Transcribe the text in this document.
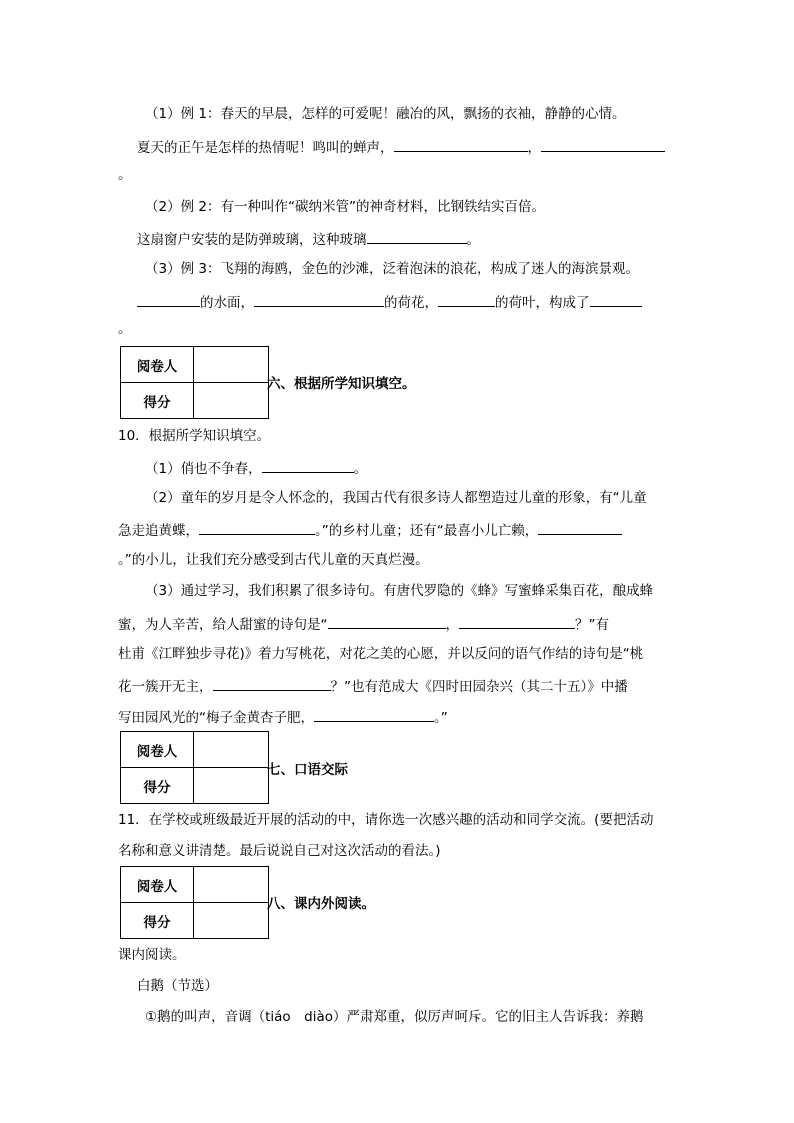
（1）例 1：春天的早晨，怎样的可爱呢！融冶的风，飘扬的衣袖，静静的心情。
夏天的正午是怎样的热情呢！鸣叫的蝉声，	，
。
（2）例 2：有一种叫作“碳纳米管”的神奇材料，比钢铁结实百倍。
这扇窗户安装的是防弹玻璃，这种玻璃	。
（3）例 3：飞翔的海鸥，金色的沙滩，泛着泡沫的浪花，构成了迷人的海滨景观。
的水面，	的荷花，	的荷叶，构成了
。
阅卷人	
得分	
六、根据所学知识填空。
10．根据所学知识填空。
（1）俏也不争春，	。
（2）童年的岁月是令人怀念的，我国古代有很多诗人都塑造过儿童的形象，有“儿童
急走追黄蝶，	。”的乡村儿童；还有“最喜小儿亡赖，
。”的小儿，让我们充分感受到古代儿童的天真烂漫。
（3）通过学习，我们积累了很多诗句。有唐代罗隐的《蜂》写蜜蜂采集百花，酿成蜂
蜜，为人辛苦，给人甜蜜的诗句是“	，	？”有
杜甫《江畔独步寻花)》着力写桃花，对花之美的心愿，并以反问的语气作结的诗句是“桃
花一簇开无主，	？”也有范成大《四时田园杂兴（其二十五）》中播
写田园风光的“梅子金黄杏子肥，	。”
阅卷人	
得分	
七、口语交际
11．在学校或班级最近开展的活动的中，请你选一次感兴趣的活动和同学交流。(要把活动
名称和意义讲清楚。最后说说自己对这次活动的看法。)
阅卷人	
得分	
八、课内外阅读。
课内阅读。
白鹅（节选）
①鹅的叫声，音调（tiáo　diào）严肃郑重，似厉声呵斥。它的旧主人告诉我：养鹅
